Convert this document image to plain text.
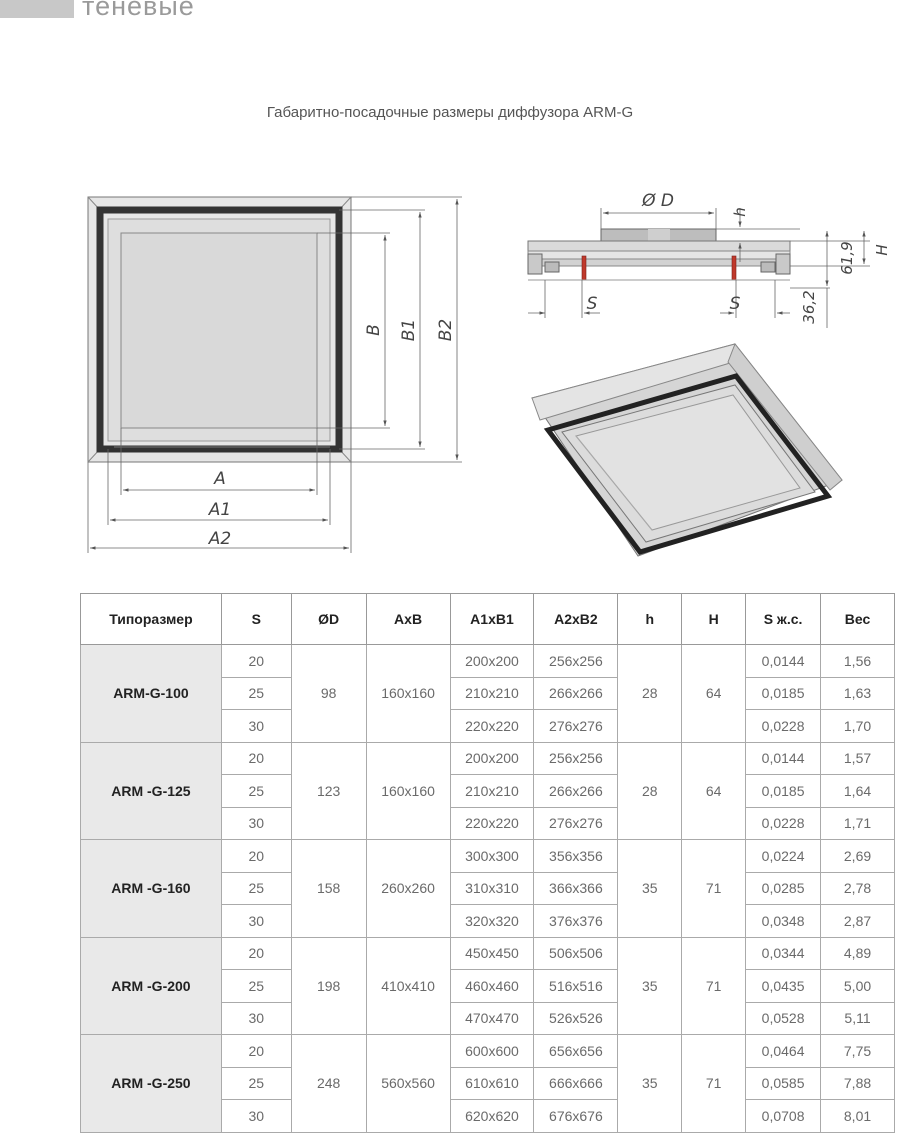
теневые
Габаритно-посадочные размеры диффузора ARM-G
A
A1
A2
B B1 B2
Ø D
h
61,9 H
36,2
S	S
Типоразмер	S	ØD	AxB	A1xB1	A2xB2	h	H	S ж.с.	Вес
ARM-G-100	20	98	160x160	200x200	256x256	28	64	0,0144	1,56
	25			210x210	266x266			0,0185	1,63
	30			220x220	276x276			0,0228	1,70
ARM -G-125	20	123	160x160	200x200	256x256	28	64	0,0144	1,57
	25			210x210	266x266			0,0185	1,64
	30			220x220	276x276			0,0228	1,71
ARM -G-160	20	158	260x260	300x300	356x356	35	71	0,0224	2,69
	25			310x310	366x366			0,0285	2,78
	30			320x320	376x376			0,0348	2,87
ARM -G-200	20	198	410x410	450x450	506x506	35	71	0,0344	4,89
	25			460x460	516x516			0,0435	5,00
	30			470x470	526x526			0,0528	5,11
ARM -G-250	20	248	560x560	600x600	656x656	35	71	0,0464	7,75
	25			610x610	666x666			0,0585	7,88
	30			620x620	676x676			0,0708	8,01
